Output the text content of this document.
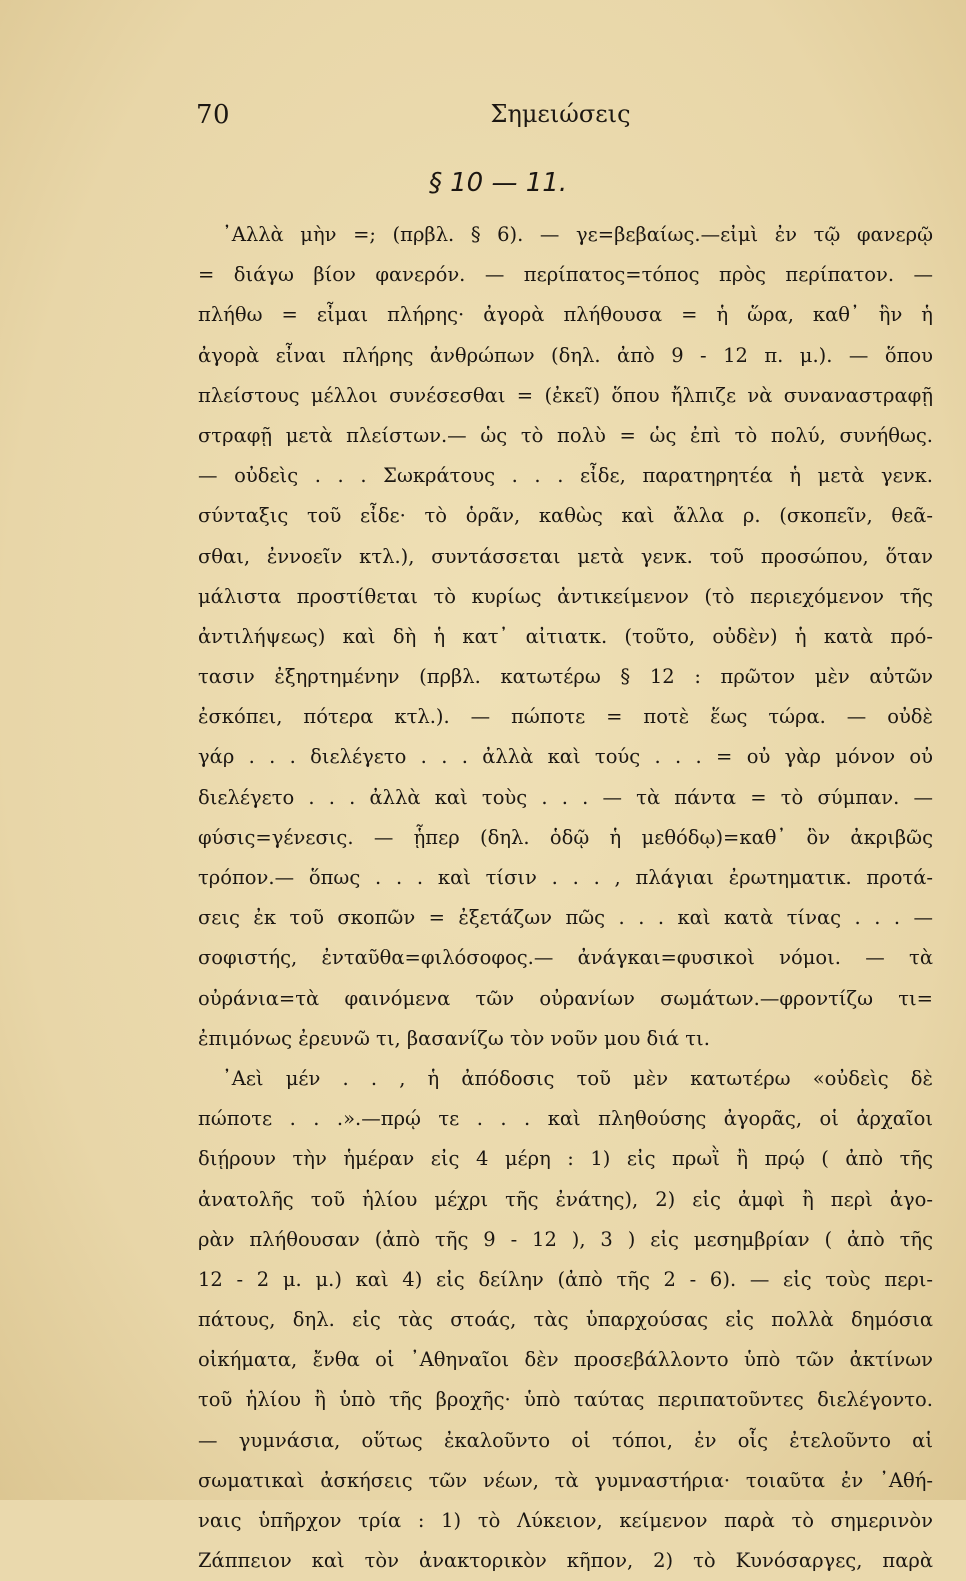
70	Σημειώσεις
§ 10 — 11.
᾿Αλλὰ μὴν =; (πρβλ. § 6). — γε=βεβαίως.—εἰμὶ ἐν τῷ φανερῷ
= διάγω βίον φανερόν. — περίπατος=τόπος πρὸς περίπατον. —
πλήθω = εἶμαι πλήρης· ἀγορὰ πλήθουσα = ἡ ὥρα, καθ᾿ ἣν ἡ
ἀγορὰ εἶναι πλήρης ἀνθρώπων (δηλ. ἀπὸ 9 - 12 π. μ.). — ὅπου
πλείστους μέλλοι συνέσεσθαι = (ἐκεῖ) ὅπου ἤλπιζε νὰ συναναστραφῇ
στραφῇ μετὰ πλείστων.— ὡς τὸ πολὺ = ὡς ἐπὶ τὸ πολύ, συνήθως.
— οὐδεὶς . . . Σωκράτους . . . εἶδε, παρατηρητέα ἡ μετὰ γενκ.
σύνταξις τοῦ εἶδε· τὸ ὁρᾶν, καθὼς καὶ ἄλλα ρ. (σκοπεῖν, θεᾶ-
σθαι, ἐννοεῖν κτλ.), συντάσσεται μετὰ γενκ. τοῦ προσώπου, ὅταν
μάλιστα προστίθεται τὸ κυρίως ἀντικείμενον (τὸ περιεχόμενον τῆς
ἀντιλήψεως) καὶ δὴ ἡ κατ᾿ αἰτιατκ. (τοῦτο, οὐδὲν) ἡ κατὰ πρό-
τασιν ἐξηρτημένην (πρβλ. κατωτέρω § 12 : πρῶτον μὲν αὐτῶν
ἐσκόπει, πότερα κτλ.). — πώποτε = ποτὲ ἕως τώρα. — οὐδὲ
γάρ . . . διελέγετο . . . ἀλλὰ καὶ τούς . . . = οὐ γὰρ μόνον οὐ
διελέγετο . . . ἀλλὰ καὶ τοὺς . . . — τὰ πάντα = τὸ σύμπαν. —
φύσις=γένεσις. — ᾗπερ (δηλ. ὁδῷ ἡ μεθόδῳ)=καθ᾿ ὃν ἀκριβῶς
τρόπον.— ὅπως . . . καὶ τίσιν . . . , πλάγιαι ἐρωτηματικ. προτά-
σεις ἐκ τοῦ σκοπῶν = ἐξετάζων πῶς . . . καὶ κατὰ τίνας . . . —
σοφιστής, ἐνταῦθα=φιλόσοφος.— ἀνάγκαι=φυσικοὶ νόμοι. — τὰ
οὐράνια=τὰ φαινόμενα τῶν οὐρανίων σωμάτων.—φροντίζω τι=
ἐπιμόνως ἐρευνῶ τι, βασανίζω τὸν νοῦν μου διά τι.
᾿Αεὶ μέν . . , ἡ ἀπόδοσις τοῦ μὲν κατωτέρω «οὐδεὶς δὲ
πώποτε . . .».—πρῴ τε . . . καὶ πληθούσης ἀγορᾶς, οἱ ἀρχαῖοι
διῄρουν τὴν ἡμέραν εἰς 4 μέρη : 1) εἰς πρωῒ ἢ πρῴ ( ἀπὸ τῆς
ἀνατολῆς τοῦ ἡλίου μέχρι τῆς ἐνάτης), 2) εἰς ἀμφὶ ἢ περὶ ἀγο-
ρὰν πλήθουσαν (ἀπὸ τῆς 9 - 12 ), 3 ) εἰς μεσημβρίαν ( ἀπὸ τῆς
12 - 2 μ. μ.) καὶ 4) εἰς δείλην (ἀπὸ τῆς 2 - 6). — εἰς τοὺς περι-
πάτους, δηλ. εἰς τὰς στοάς, τὰς ὑπαρχούσας εἰς πολλὰ δημόσια
οἰκήματα, ἔνθα οἱ ᾿Αθηναῖοι δὲν προσεβάλλοντο ὑπὸ τῶν ἀκτίνων
τοῦ ἡλίου ἢ ὑπὸ τῆς βροχῆς· ὑπὸ ταύτας περιπατοῦντες διελέγοντο.
— γυμνάσια, οὕτως ἐκαλοῦντο οἱ τόποι, ἐν οἷς ἐτελοῦντο αἱ
σωματικαὶ ἀσκήσεις τῶν νέων, τὰ γυμναστήρια· τοιαῦτα ἐν ᾿Αθή-
ναις ὑπῆρχον τρία : 1) τὸ Λύκειον, κείμενον παρὰ τὸ σημερινὸν
Ζάππειον καὶ τὸν ἀνακτορικὸν κῆπον, 2) τὸ Κυνόσαργες, παρὰ
